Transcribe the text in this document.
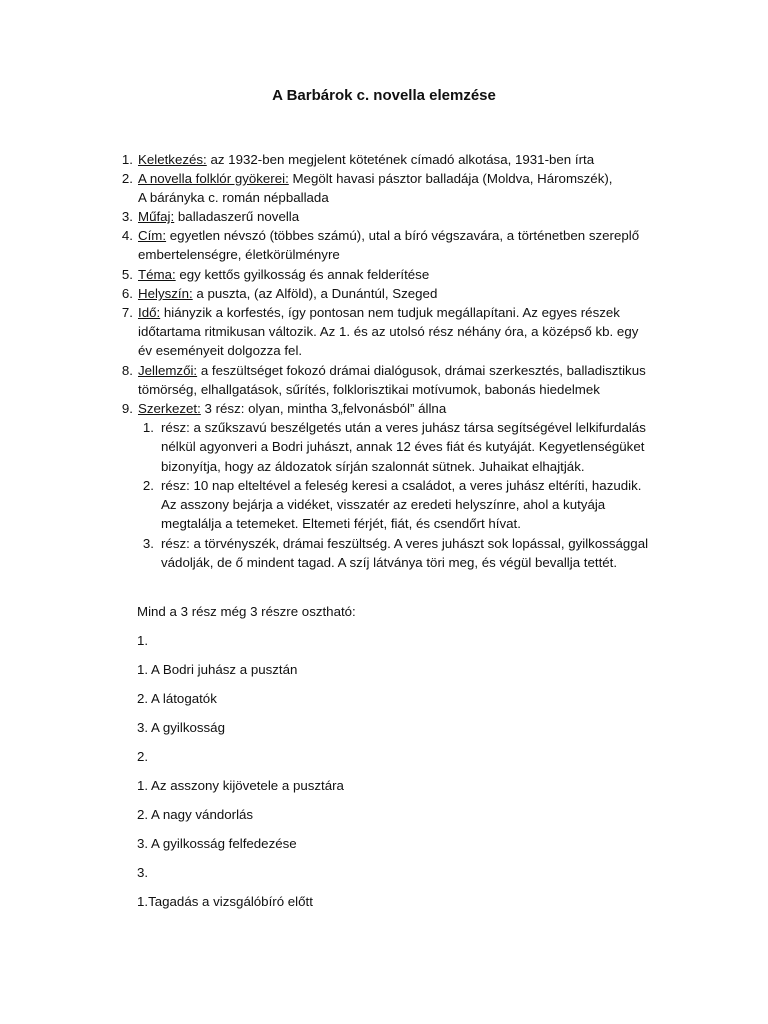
A Barbárok c. novella elemzése
1. Keletkezés: az 1932-ben megjelent kötetének címadó alkotása, 1931-ben írta
2. A novella folklór gyökerei: Megölt havasi pásztor balladája (Moldva, Háromszék),
A bárányka c. román népballada
3. Műfaj: balladaszerű novella
4. Cím: egyetlen névszó (többes számú), utal a bíró végszavára, a történetben szereplő
embertelenségre, életkörülményre
5. Téma: egy kettős gyilkosság és annak felderítése
6. Helyszín: a puszta, (az Alföld), a Dunántúl, Szeged
7. Idő: hiányzik a korfestés, így pontosan nem tudjuk megállapítani. Az egyes részek
időtartama ritmikusan változik. Az 1. és az utolsó rész néhány óra, a középső kb. egy
év eseményeit dolgozza fel.
8. Jellemzői: a feszültséget fokozó drámai dialógusok, drámai szerkesztés, balladisztikus
tömörség, elhallgatások, sűrítés, folklorisztikai motívumok, babonás hiedelmek
9. Szerkezet: 3 rész: olyan, mintha 3„felvonásból” állna
1. rész: a szűkszavú beszélgetés után a veres juhász társa segítségével lelkifurdalás
nélkül agyonveri a Bodri juhászt, annak 12 éves fiát és kutyáját. Kegyetlenségüket
bizonyítja, hogy az áldozatok sírján szalonnát sütnek. Juhaikat elhajtják.
2. rész: 10 nap elteltével a feleség keresi a családot, a veres juhász eltéríti, hazudik.
Az asszony bejárja a vidéket, visszatér az eredeti helyszínre, ahol a kutyája
megtalálja a tetemeket. Eltemeti férjét, fiát, és csendőrt hívat.
3. rész: a törvényszék, drámai feszültség. A veres juhászt sok lopással, gyilkossággal
vádolják, de ő mindent tagad. A szíj látványa töri meg, és végül bevallja tettét.
Mind a 3 rész még 3 részre osztható:
1.
1. A Bodri juhász a pusztán
2. A látogatók
3. A gyilkosság
2.
1. Az asszony kijövetele a pusztára
2. A nagy vándorlás
3. A gyilkosság felfedezése
3.
1.Tagadás a vizsgálóbíró előtt
